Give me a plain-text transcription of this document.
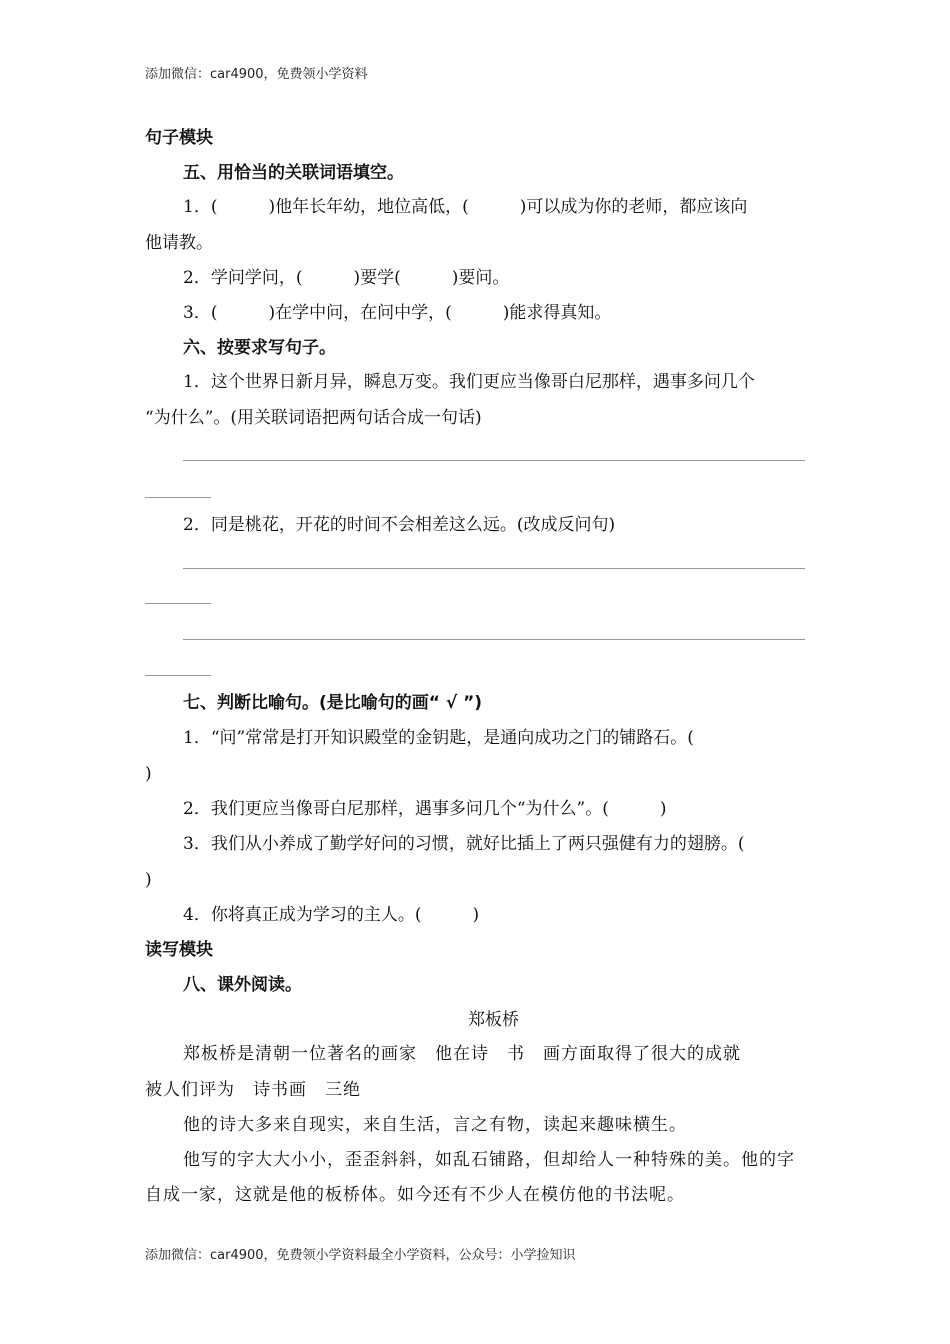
添加微信：car4900，免费领小学资料
句子模块
五、用恰当的关联词语填空。
1．(　　　)他年长年幼，地位高低，(　　　)可以成为你的老师，都应该向
他请教。
2．学问学问，(　　　)要学(　　　)要问。
3．(　　　)在学中问，在问中学，(　　　)能求得真知。
六、按要求写句子。
1．这个世界日新月异，瞬息万变。我们更应当像哥白尼那样，遇事多问几个
“为什么”。(用关联词语把两句话合成一句话)
2．同是桃花，开花的时间不会相差这么远。(改成反问句)
七、判断比喻句。(是比喻句的画“ √ ”)
1．“问”常常是打开知识殿堂的金钥匙，是通向成功之门的铺路石。(
)
2．我们更应当像哥白尼那样，遇事多问几个“为什么”。(　　　)
3．我们从小养成了勤学好问的习惯，就好比插上了两只强健有力的翅膀。(
)
4．你将真正成为学习的主人。(　　　)
读写模块
八、课外阅读。
郑板桥
郑板桥是清朝一位著名的画家　他在诗　书　画方面取得了很大的成就
被人们评为　诗书画　三绝
他的诗大多来自现实，来自生活，言之有物，读起来趣味横生。
他写的字大大小小，歪歪斜斜，如乱石铺路，但却给人一种特殊的美。他的字
自成一家，这就是他的板桥体。如今还有不少人在模仿他的书法呢。
添加微信：car4900，免费领小学资料最全小学资料，公众号：小学捡知识
